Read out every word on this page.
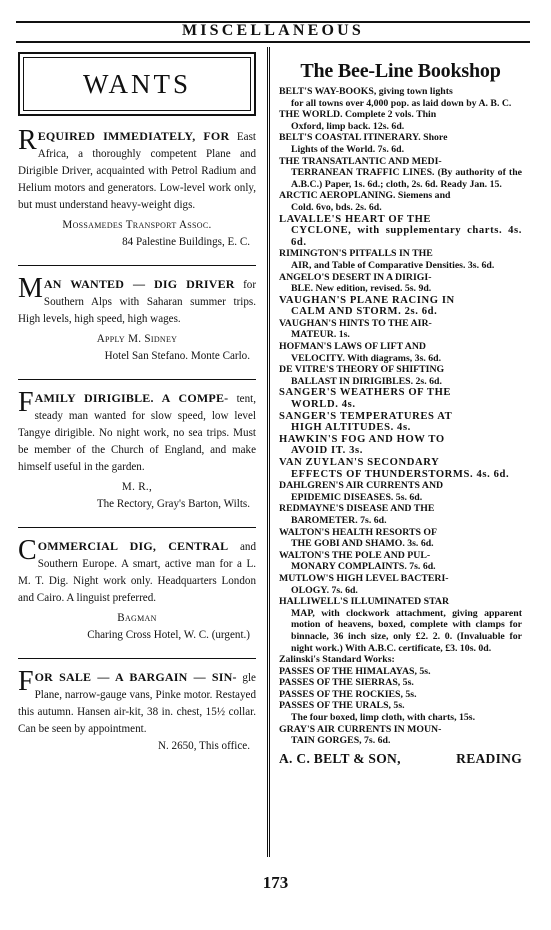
MISCELLANEOUS
WANTS
REQUIRED IMMEDIATELY, FOR East Africa, a thoroughly competent Plane and Dirigible Driver, acquainted with Petrol Radium and Helium motors and generators. Low-level work only, but must understand heavy-weight digs.
Mossamedes Transport Assoc.
84 Palestine Buildings, E. C.
MAN WANTED — DIG DRIVER for Southern Alps with Saharan summer trips. High levels, high speed, high wages.
Apply M. Sidney
Hotel San Stefano. Monte Carlo.
FAMILY DIRIGIBLE. A COMPE- tent, steady man wanted for slow speed, low level Tangye dirigible. No night work, no sea trips. Must be member of the Church of England, and make himself useful in the garden.
M. R.,
The Rectory, Gray's Barton, Wilts.
COMMERCIAL DIG, CENTRAL and Southern Europe. A smart, active man for a L. M. T. Dig. Night work only. Headquarters London and Cairo. A linguist preferred.
Bagman
Charing Cross Hotel, W. C. (urgent.)
FOR SALE — A BARGAIN — SIN- gle Plane, narrow-gauge vans, Pinke motor. Restayed this autumn. Hansen air-kit, 38 in. chest, 15½ collar. Can be seen by appointment.
N. 2650, This office.
The Bee-Line Bookshop
BELT'S WAY-BOOKS, giving town lights
for all towns over 4,000 pop. as laid down by A. B. C.
THE WORLD. Complete 2 vols. Thin
Oxford, limp back. 12s. 6d.
BELT'S COASTAL ITINERARY. Shore
Lights of the World. 7s. 6d.
THE TRANSATLANTIC AND MEDI-
TERRANEAN TRAFFIC LINES. (By authority of the A.B.C.) Paper, 1s. 6d.; cloth, 2s. 6d. Ready Jan. 15.
ARCTIC AEROPLANING. Siemens and
Cold. 6vo, bds. 2s. 6d.
LAVALLE'S HEART OF THE
CYCLONE, with supplementary charts. 4s. 6d.
RIMINGTON'S PITFALLS IN THE
AIR, and Table of Comparative Densities. 3s. 6d.
ANGELO'S DESERT IN A DIRIGI-
BLE. New edition, revised. 5s. 9d.
VAUGHAN'S PLANE RACING IN
CALM AND STORM. 2s. 6d.
VAUGHAN'S HINTS TO THE AIR-
MATEUR. 1s.
HOFMAN'S LAWS OF LIFT AND
VELOCITY. With diagrams, 3s. 6d.
DE VITRE'S THEORY OF SHIFTING
BALLAST IN DIRIGIBLES. 2s. 6d.
SANGER'S WEATHERS OF THE
WORLD. 4s.
SANGER'S TEMPERATURES AT
HIGH ALTITUDES. 4s.
HAWKIN'S FOG AND HOW TO
AVOID IT. 3s.
VAN ZUYLAN'S SECONDARY
EFFECTS OF THUNDERSTORMS. 4s. 6d.
DAHLGREN'S AIR CURRENTS AND
EPIDEMIC DISEASES. 5s. 6d.
REDMAYNE'S DISEASE AND THE
BAROMETER. 7s. 6d.
WALTON'S HEALTH RESORTS OF
THE GOBI AND SHAMO. 3s. 6d.
WALTON'S THE POLE AND PUL-
MONARY COMPLAINTS. 7s. 6d.
MUTLOW'S HIGH LEVEL BACTERI-
OLOGY. 7s. 6d.
HALLIWELL'S ILLUMINATED STAR
MAP, with clockwork attachment, giving apparent motion of heavens, boxed, complete with clamps for binnacle, 36 inch size, only £2. 2. 0. (Invaluable for night work.) With A.B.C. certificate, £3. 10s. 0d.
Zalinski's Standard Works:
PASSES OF THE HIMALAYAS, 5s.
PASSES OF THE SIERRAS, 5s.
PASSES OF THE ROCKIES, 5s.
PASSES OF THE URALS, 5s.
The four boxed, limp cloth, with charts, 15s.
GRAY'S AIR CURRENTS IN MOUN-
TAIN GORGES, 7s. 6d.
A. C. BELT & SON,	READING
173
